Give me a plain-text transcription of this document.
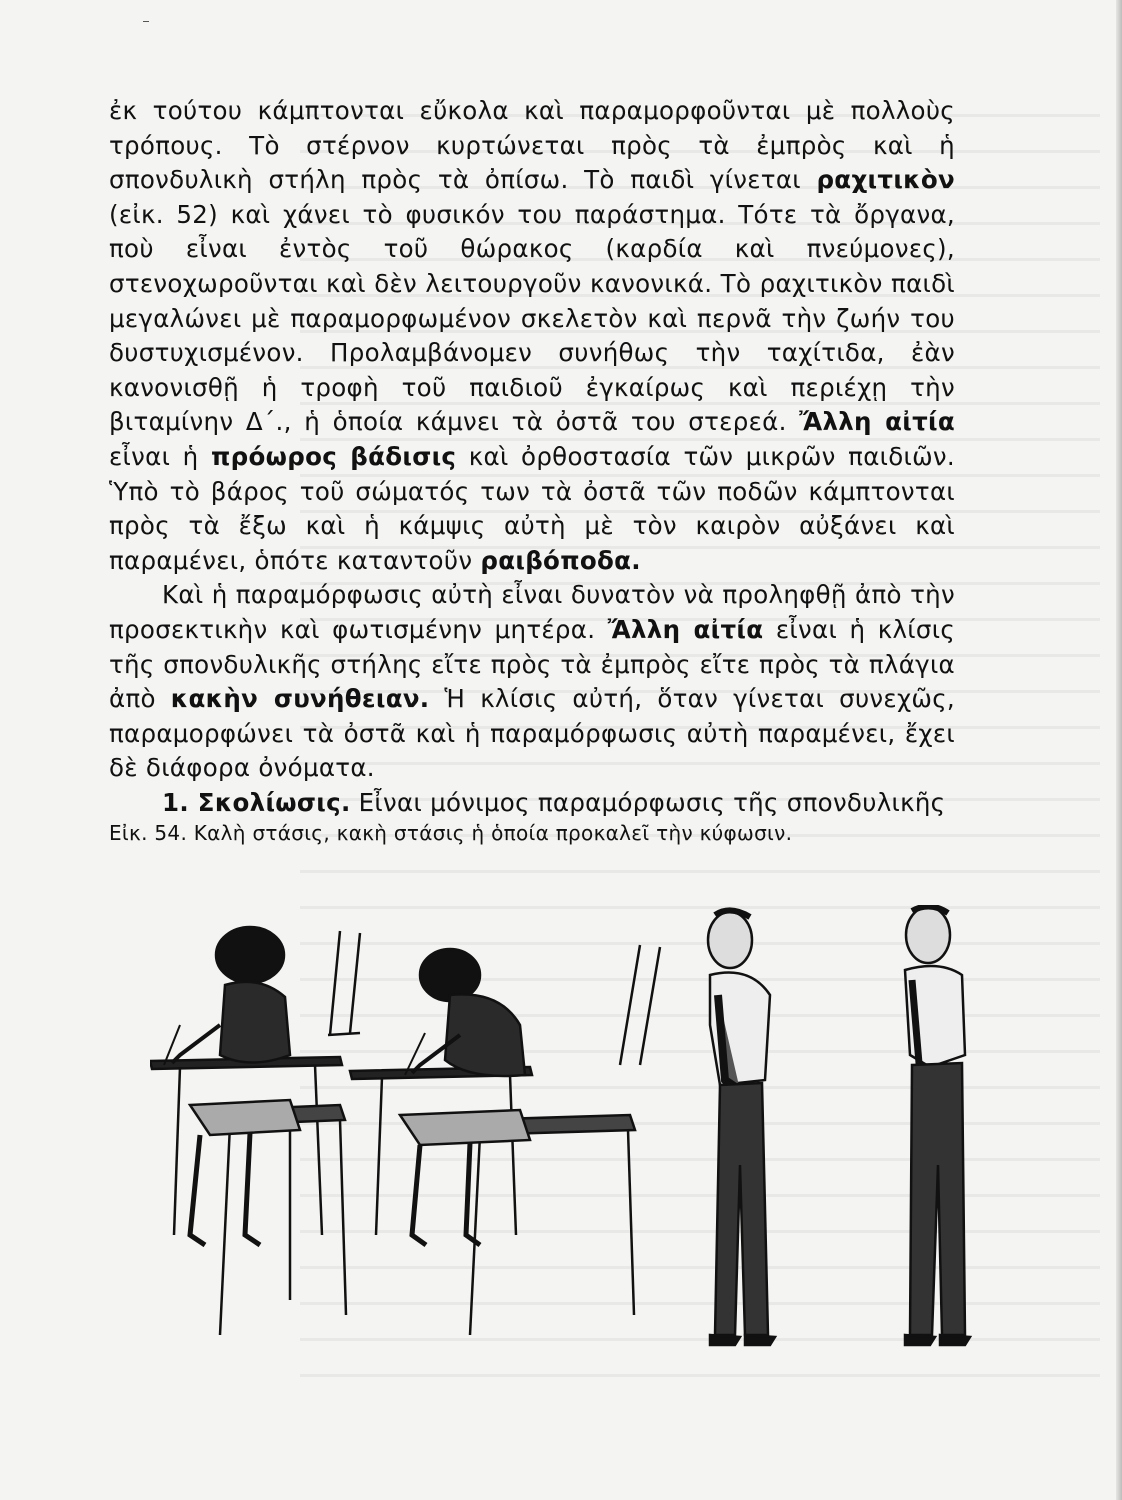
ἐκ τούτου κάμπτονται εὔκολα καὶ παραμορφοῦνται μὲ πολλοὺς τρόπους. Τὸ στέρνον κυρτώνεται πρὸς τὰ ἐμπρὸς καὶ ἡ σπονδυλικὴ στήλη πρὸς τὰ ὀπίσω. Τὸ παιδὶ γίνεται ραχιτικὸν (εἰκ. 52) καὶ χάνει τὸ φυσικόν του παράστημα. Τότε τὰ ὄργανα, ποὺ εἶναι ἐντὸς τοῦ θώρακος (καρδία καὶ πνεύμονες), στενοχωροῦνται καὶ δὲν λειτουργοῦν κανονικά. Τὸ ραχιτικὸν παιδὶ μεγαλώνει μὲ παραμορφωμένον σκελετὸν καὶ περνᾶ τὴν ζωήν του δυστυχισμένον. Προλαμβάνομεν συνήθως τὴν ταχίτιδα, ἐὰν κανονισθῇ ἡ τροφὴ τοῦ παιδιοῦ ἐγκαίρως καὶ περιέχῃ τὴν βιταμίνην Δ΄., ἡ ὁποία κάμνει τὰ ὀστᾶ του στερεά. Ἄλλη αἰτία εἶναι ἡ πρόωρος βάδισις καὶ ὀρθοστασία τῶν μικρῶν παιδιῶν. Ὑπὸ τὸ βάρος τοῦ σώματός των τὰ ὀστᾶ τῶν ποδῶν κάμπτονται πρὸς τὰ ἔξω καὶ ἡ κάμψις αὐτὴ μὲ τὸν καιρὸν αὐξάνει καὶ παραμένει, ὁπότε καταντοῦν ραιβόποδα.

Καὶ ἡ παραμόρφωσις αὐτὴ εἶναι δυνατὸν νὰ προληφθῇ ἀπὸ τὴν προσεκτικὴν καὶ φωτισμένην μητέρα. Ἄλλη αἰτία εἶναι ἡ κλίσις τῆς σπονδυλικῆς στήλης εἴτε πρὸς τὰ ἐμπρὸς εἴτε πρὸς τὰ πλάγια ἀπὸ κακὴν συνήθειαν. Ἡ κλίσις αὐτή, ὅταν γίνεται συνεχῶς, παραμορφώνει τὰ ὀστᾶ καὶ ἡ παραμόρφωσις αὐτὴ παραμένει, ἔχει δὲ διάφορα ὀνόματα.

1. Σκολίωσις. Εἶναι μόνιμος παραμόρφωσις τῆς σπονδυλικῆς

Εἰκ. 54. Καλὴ στάσις, κακὴ στάσις ἡ ὁποία προκαλεῖ τὴν κύφωσιν.
